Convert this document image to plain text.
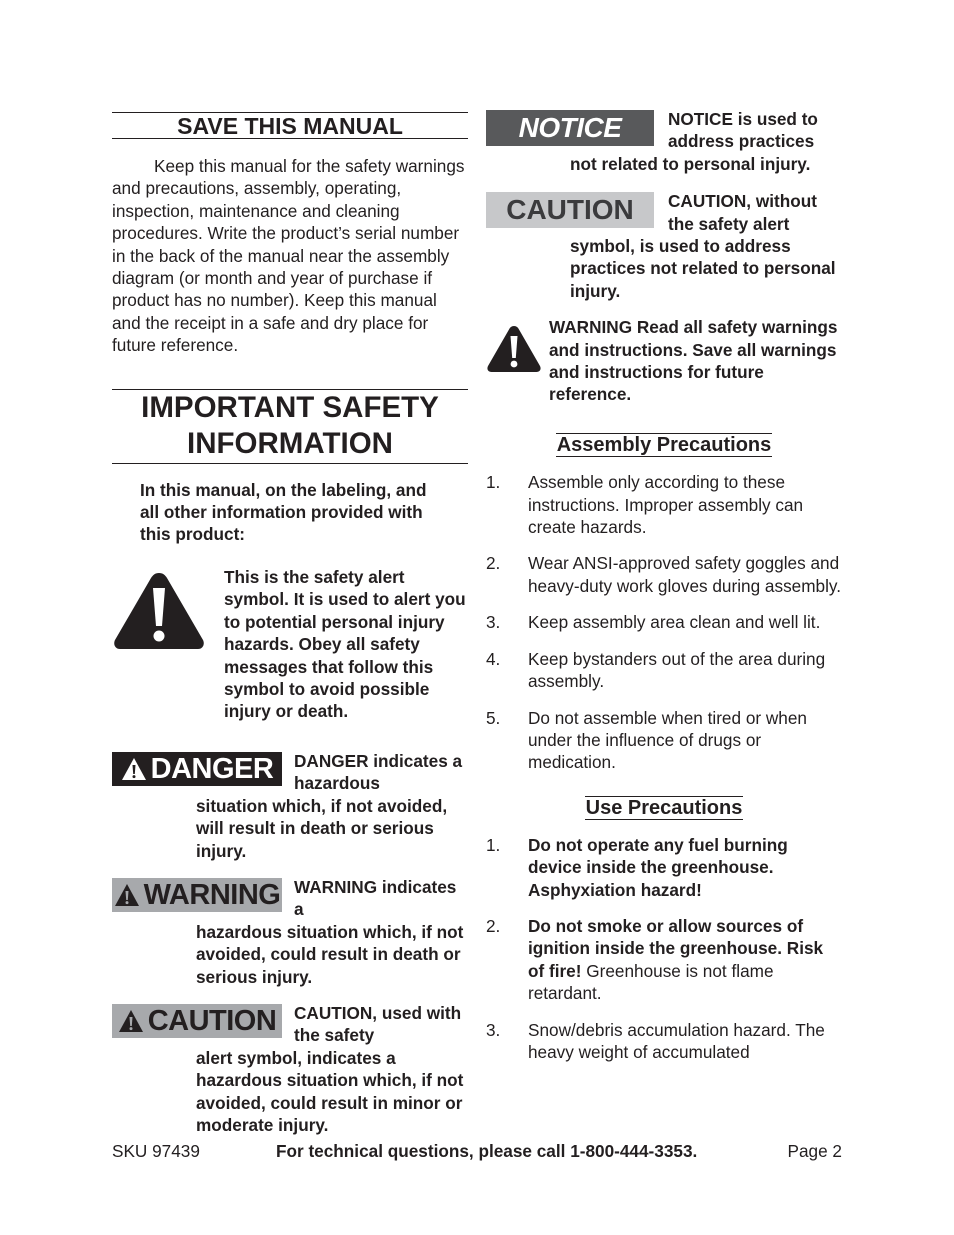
SAVE THIS MANUAL

Keep this manual for the safety warnings and precautions, assembly, operating, inspection, maintenance and cleaning procedures. Write the product’s serial number in the back of the manual near the assembly diagram (or month and year of purchase if product has no number). Keep this manual and the receipt in a safe and dry place for future reference.

IMPORTANT SAFETY
INFORMATION

In this manual, on the labeling, and all other information provided with this product:

This is the safety alert symbol. It is used to alert you to potential personal injury hazards. Obey all safety messages that follow this symbol to avoid possible injury or death.

DANGER DANGER indicates a hazardous
situation which, if not avoided, will result in death or serious injury.
WARNING WARNING indicates a
hazardous situation which, if not avoided, could result in death or serious injury.
CAUTION CAUTION, used with the safety
alert symbol, indicates a hazardous situation which, if not avoided, could result in minor or moderate injury.
NOTICE	NOTICE is used to address practices
not related to personal injury.
CAUTION	CAUTION, without the safety alert
symbol, is used to address practices not related to personal injury.

WARNING Read all safety warnings and instructions. Save all warnings and instructions for future reference.

Assembly Precautions
1. Assemble only according to these instructions. Improper assembly can create hazards.
2. Wear ANSI-approved safety goggles and heavy-duty work gloves during assembly.
3. Keep assembly area clean and well lit.
4. Keep bystanders out of the area during assembly.
5. Do not assemble when tired or when under the influence of drugs or medication.
Use Precautions
1. Do not operate any fuel burning device inside the greenhouse. Asphyxiation hazard!
2. Do not smoke or allow sources of ignition inside the greenhouse. Risk of fire! Greenhouse is not flame retardant.
3. Snow/debris accumulation hazard. The heavy weight of accumulated
SKU 97439	For technical questions, please call 1-800-444-3353.	Page 2
